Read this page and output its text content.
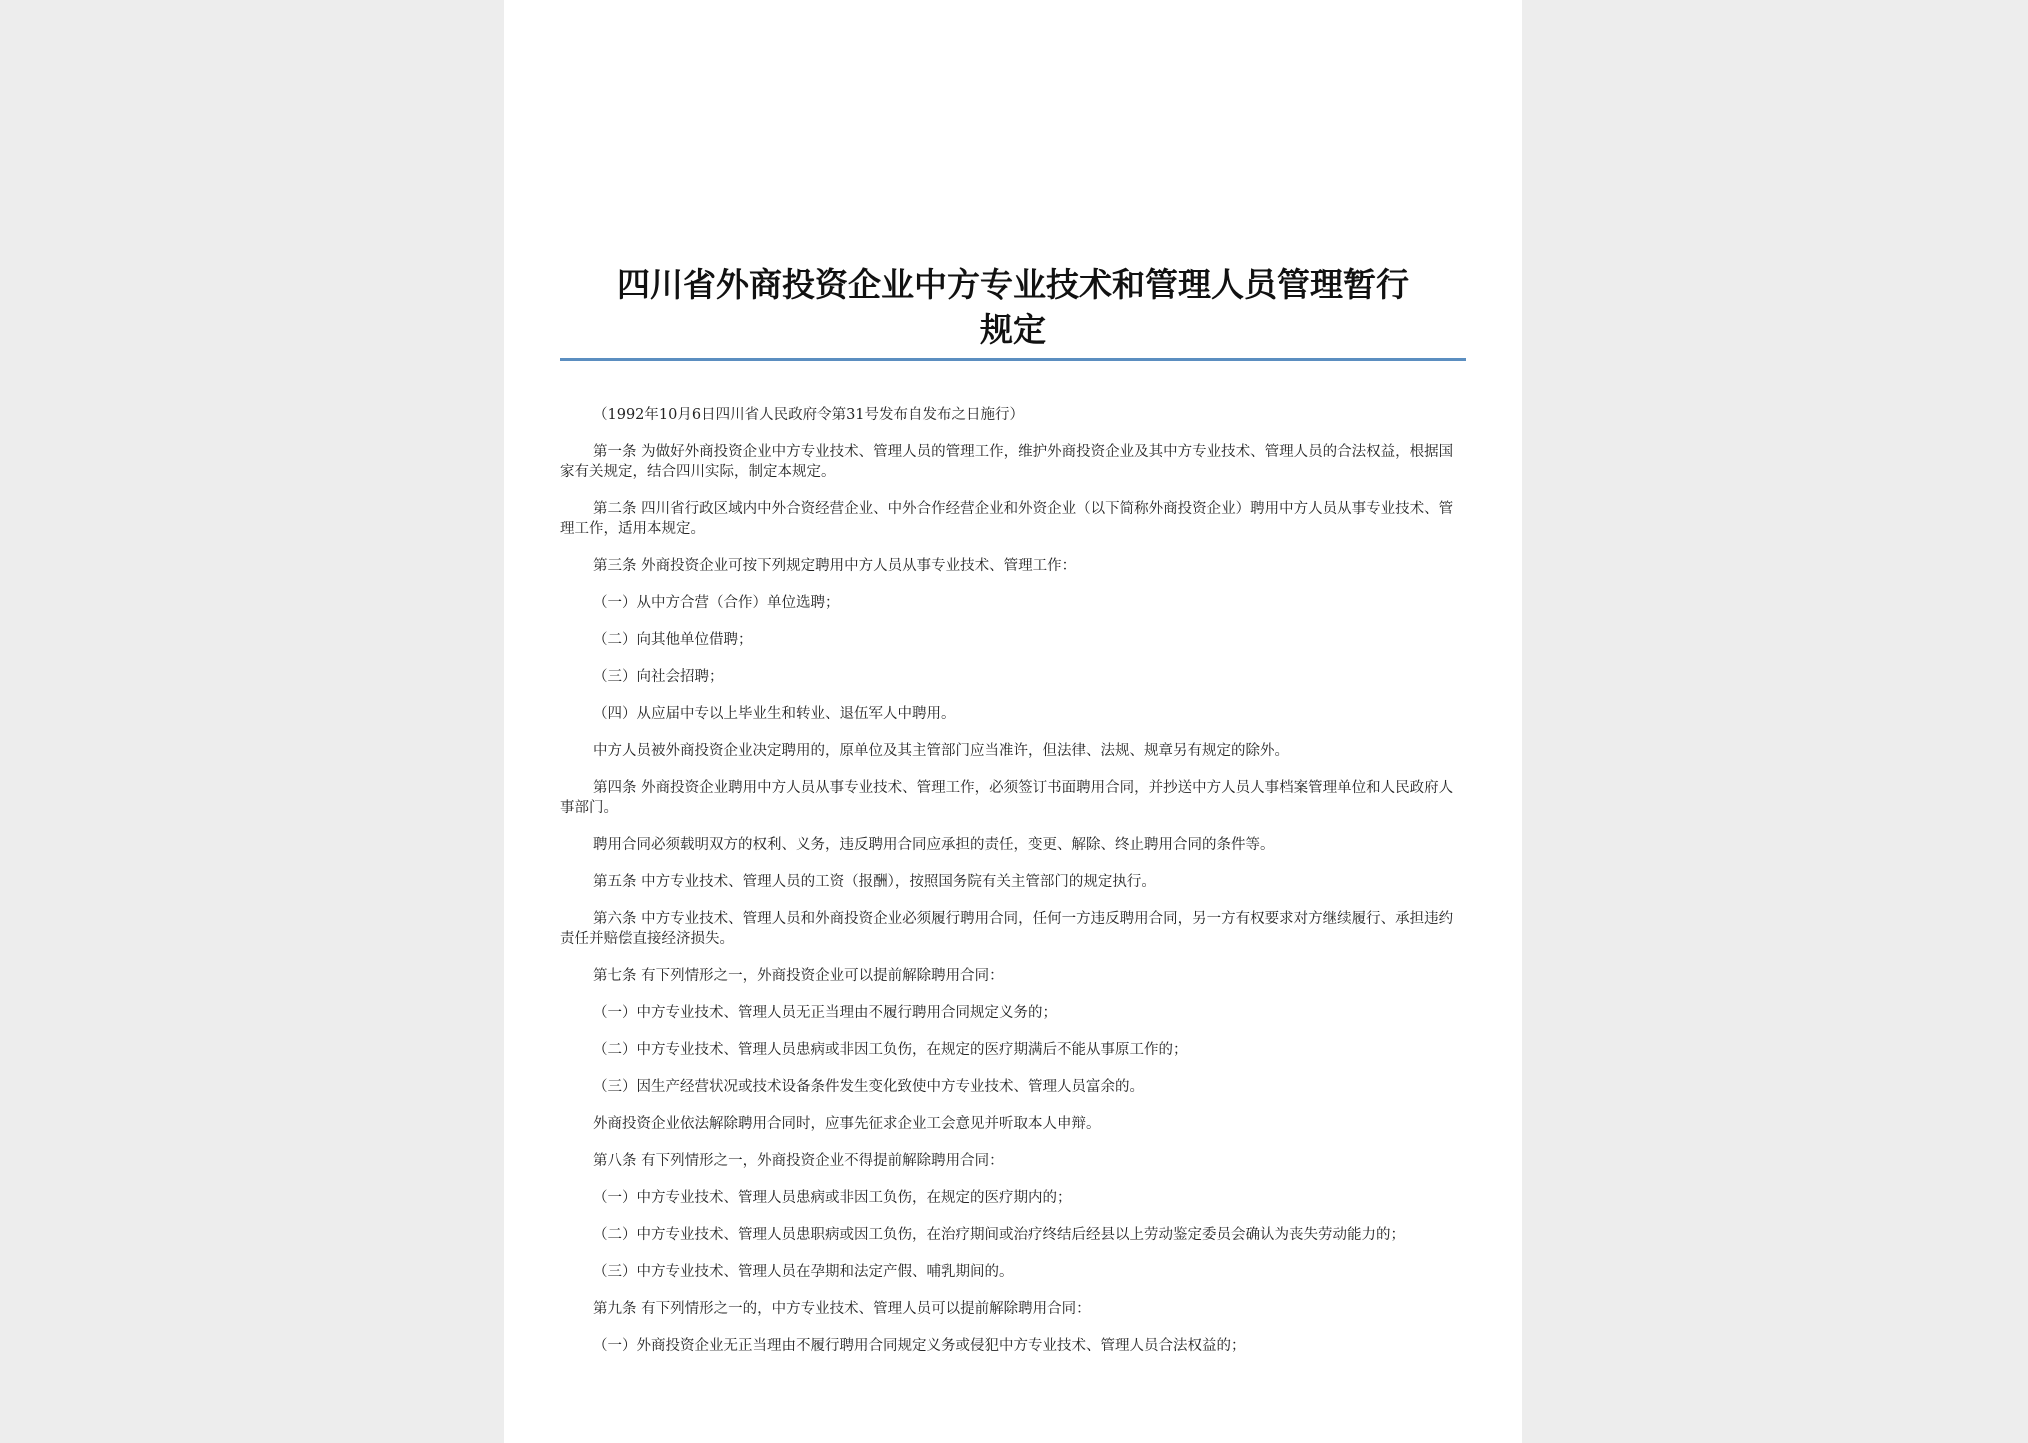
四川省外商投资企业中方专业技术和管理人员管理暂行
规定

（1992年10月6日四川省人民政府令第31号发布自发布之日施行）

第一条 为做好外商投资企业中方专业技术、管理人员的管理工作，维护外商投资企业及其中方专业技术、管理人员的合法权益，根据国家有关规定，结合四川实际，制定本规定。

第二条 四川省行政区域内中外合资经营企业、中外合作经营企业和外资企业（以下简称外商投资企业）聘用中方人员从事专业技术、管理工作，适用本规定。

第三条 外商投资企业可按下列规定聘用中方人员从事专业技术、管理工作：

（一）从中方合营（合作）单位选聘；

（二）向其他单位借聘；

（三）向社会招聘；

（四）从应届中专以上毕业生和转业、退伍军人中聘用。

中方人员被外商投资企业决定聘用的，原单位及其主管部门应当准许，但法律、法规、规章另有规定的除外。

第四条 外商投资企业聘用中方人员从事专业技术、管理工作，必须签订书面聘用合同，并抄送中方人员人事档案管理单位和人民政府人事部门。

聘用合同必须载明双方的权利、义务，违反聘用合同应承担的责任，变更、解除、终止聘用合同的条件等。

第五条 中方专业技术、管理人员的工资（报酬），按照国务院有关主管部门的规定执行。

第六条 中方专业技术、管理人员和外商投资企业必须履行聘用合同，任何一方违反聘用合同，另一方有权要求对方继续履行、承担违约责任并赔偿直接经济损失。

第七条 有下列情形之一，外商投资企业可以提前解除聘用合同：

（一）中方专业技术、管理人员无正当理由不履行聘用合同规定义务的；

（二）中方专业技术、管理人员患病或非因工负伤，在规定的医疗期满后不能从事原工作的；

（三）因生产经营状况或技术设备条件发生变化致使中方专业技术、管理人员富余的。

外商投资企业依法解除聘用合同时，应事先征求企业工会意见并听取本人申辩。

第八条 有下列情形之一，外商投资企业不得提前解除聘用合同：

（一）中方专业技术、管理人员患病或非因工负伤，在规定的医疗期内的；

（二）中方专业技术、管理人员患职病或因工负伤，在治疗期间或治疗终结后经县以上劳动鉴定委员会确认为丧失劳动能力的；

（三）中方专业技术、管理人员在孕期和法定产假、哺乳期间的。

第九条 有下列情形之一的，中方专业技术、管理人员可以提前解除聘用合同：

（一）外商投资企业无正当理由不履行聘用合同规定义务或侵犯中方专业技术、管理人员合法权益的；
